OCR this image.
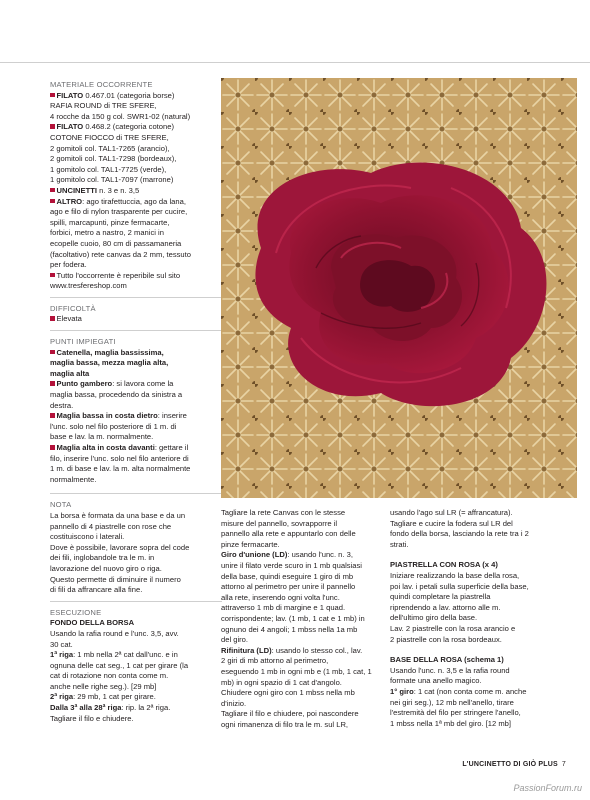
MATERIALE OCCORRENTE

FILATO 0.467.01 (categoria borse)

RAFIA ROUND di TRE SFERE,

4 rocche da 150 g col. SWR1-02 (natural)

FILATO 0.468.2 (categoria cotone)

COTONE FIOCCO di TRE SFERE,

2 gomitoli col. TAL1-7265 (arancio),

2 gomitoli col. TAL1-7298 (bordeaux),

1 gomitolo col. TAL1-7725 (verde),

1 gomitolo col. TAL1-7097 (marrone)

UNCINETTI n. 3 e n. 3,5

ALTRO: ago tirafettuccia, ago da lana,

ago e filo di nylon trasparente per cucire,

spilli, marcapunti, pinze fermacarte,

forbici, metro a nastro, 2 manici in

ecopelle cuoio, 80 cm di passamaneria

(facoltativo) rete canvas da 2 mm, tessuto

per fodera.

Tutto l'occorrente è reperibile sul sito

www.tresfereshop.com

DIFFICOLTÀ

Elevata

PUNTI IMPIEGATI

Catenella, maglia bassissima,

maglia bassa, mezza maglia alta,

maglia alta

Punto gambero: si lavora come la

maglia bassa, procedendo da sinistra a

destra.

Maglia bassa in costa dietro: inserire

l'unc. solo nel filo posteriore di 1 m. di

base e lav. la m. normalmente.

Maglia alta in costa davanti: gettare il

filo, inserire l'unc. solo nel filo anteriore di

1 m. di base e lav. la m. alta normalmente

normalmente.

NOTA

La borsa è formata da una base e da un

pannello di 4 piastrelle con rose che

costituiscono i laterali.

Dove è possibile, lavorare sopra del code

dei fili, inglobandole tra le m. in

lavorazione del nuovo giro o riga.

Questo permette di diminuire il numero

di fili da affrancare alla fine.

ESECUZIONE

FONDO DELLA BORSA

Usando la rafia round e l'unc. 3,5, avv.

30 cat.

1ª riga: 1 mb nella 2ª cat dall'unc. e in

ognuna delle cat seg., 1 cat per girare (la

cat di rotazione non conta come m.

anche nelle righe seg.). [29 mb]

2ª riga: 29 mb, 1 cat per girare.

Dalla 3ª alla 28ª riga: rip. la 2ª riga.

Tagliare il filo e chiudere.

Tagliare la rete Canvas con le stesse

misure del pannello, sovrapporre il

pannello alla rete e appuntarlo con delle

pinze fermacarte.

Giro d'unione (LD): usando l'unc. n. 3,

unire il filato verde scuro in 1 mb qualsiasi

della base, quindi eseguire 1 giro di mb

attorno al perimetro per unire il pannello

alla rete, inserendo ogni volta l'unc.

attraverso 1 mb di margine e 1 quad.

corrispondente; lav. (1 mb, 1 cat e 1 mb) in

ognuno dei 4 angoli; 1 mbss nella 1a mb

del giro.

Rifinitura (LD): usando lo stesso col., lav.

2 giri di mb attorno al perimetro,

eseguendo 1 mb in ogni mb e (1 mb, 1 cat, 1

mb) in ogni spazio di 1 cat d'angolo.

Chiudere ogni giro con 1 mbss nella mb

d'inizio.

Tagliare il filo e chiudere, poi nascondere

ogni rimanenza di filo tra le m. sul LR,

usando l'ago sul LR (= affrancatura).

Tagliare e cucire la fodera sul LR del

fondo della borsa, lasciando la rete tra i 2

strati.

PIASTRELLA CON ROSA (x 4)

Iniziare realizzando la base della rosa,

poi lav. i petali sulla superficie della base,

quindi completare la piastrella

riprendendo a lav. attorno alle m.

dell'ultimo giro della base.

Lav. 2 piastrelle con la rosa arancio e

2 piastrelle con la rosa bordeaux.

BASE DELLA ROSA (schema 1)

Usando l'unc. n. 3,5 e la rafia round

formate una anello magico.

1° giro: 1 cat (non conta come m. anche

nei giri seg.), 12 mb nell'anello, tirare

l'estremità del filo per stringere l'anello,

1 mbss nella 1ª mb del giro. [12 mb]

L'UNCINETTO DI GIÒ PLUS 7
PassionForum.ru
